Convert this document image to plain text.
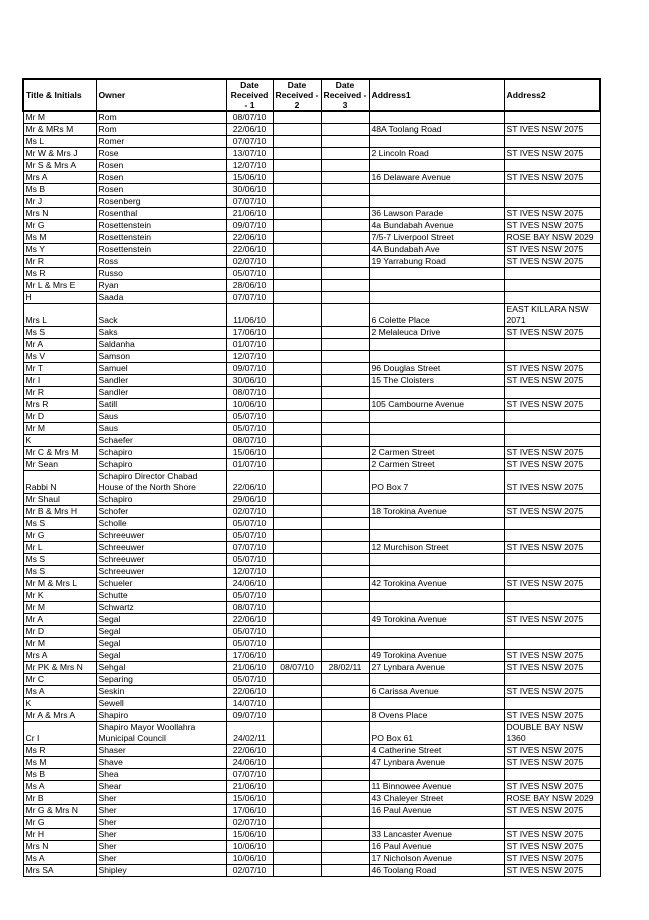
Title & Initials	Owner	Date Received - 1	Date Received - 2	Date Received - 3	Address1	Address2
Mr M	Rom	08/07/10				
Mr & MRs M	Rom	22/06/10			48A Toolang Road	ST IVES NSW 2075
Ms L	Romer	07/07/10				
Mr W & Mrs J	Rose	13/07/10			2 Lincoln Road	ST IVES NSW 2075
Mr S & Mrs A	Rosen	12/07/10				
Mrs A	Rosen	15/06/10			16 Delaware Avenue	ST IVES NSW 2075
Ms B	Rosen	30/06/10				
Mr J	Rosenberg	07/07/10				
Mrs N	Rosenthal	21/06/10			36 Lawson Parade	ST IVES NSW 2075
Mr G	Rosettenstein	09/07/10			4a Bundabah Avenue	ST IVES NSW 2075
Ms M	Rosettenstein	22/06/10			7/5-7 Liverpool Street	ROSE BAY NSW 2029
Ms Y	Rosettenstein	22/06/10			4A Bundabah Ave	ST IVES NSW 2075
Mr R	Ross	02/07/10			19 Yarrabung Road	ST IVES NSW 2075
Ms R	Russo	05/07/10				
Mr L & Mrs E	Ryan	28/06/10				
H	Saada	07/07/10				
Mrs L	Sack	11/06/10			6 Colette Place	EAST KILLARA NSW 2071
Ms S	Saks	17/06/10			2 Melaleuca Drive	ST IVES NSW 2075
Mr A	Saldanha	01/07/10				
Ms V	Samson	12/07/10				
Mr T	Samuel	09/07/10			96 Douglas Street	ST IVES NSW 2075
Mr I	Sandler	30/06/10			15 The Cloisters	ST IVES NSW 2075
Mr R	Sandler	08/07/10				
Mrs R	Satill	10/06/10			105 Cambourne Avenue	ST IVES NSW 2075
Mr D	Saus	05/07/10				
Mr M	Saus	05/07/10				
K	Schaefer	08/07/10				
Mr C & Mrs M	Schapiro	15/06/10			2 Carmen Street	ST IVES NSW 2075
Mr Sean	Schapiro	01/07/10			2 Carmen Street	ST IVES NSW 2075
Rabbi N	Schapiro Director Chabad House of the North Shore	22/06/10			PO Box 7	ST IVES NSW 2075
Mr Shaul	Schapiro	29/06/10				
Mr B & Mrs H	Schofer	02/07/10			18 Torokina Avenue	ST IVES NSW 2075
Ms S	Scholle	05/07/10				
Mr G	Schreeuwer	05/07/10				
Mr L	Schreeuwer	07/07/10			12 Murchison Street	ST IVES NSW 2075
Ms S	Schreeuwer	05/07/10				
Ms S	Schreeuwer	12/07/10				
Mr M & Mrs L	Schueler	24/06/10			42 Torokina Avenue	ST IVES NSW 2075
Mr K	Schutte	05/07/10				
Mr M	Schwartz	08/07/10				
Mr A	Segal	22/06/10			49 Torokina Avenue	ST IVES NSW 2075
Mr D	Segal	05/07/10				
Mr M	Segal	05/07/10				
Mrs A	Segal	17/06/10			49 Torokina Avenue	ST IVES NSW 2075
Mr PK & Mrs N	Sehgal	21/06/10	08/07/10	28/02/11	27 Lynbara Avenue	ST IVES NSW 2075
Mr C	Separing	05/07/10				
Ms A	Seskin	22/06/10			6 Carissa Avenue	ST IVES NSW 2075
K	Sewell	14/07/10				
Mr A & Mrs A	Shapiro	09/07/10			8 Ovens Place	ST IVES NSW 2075
Cr I	Shapiro Mayor Woollahra Municipal Council	24/02/11			PO Box 61	DOUBLE BAY NSW 1360
Ms R	Shaser	22/06/10			4 Catherine Street	ST IVES NSW 2075
Ms M	Shave	24/06/10			47 Lynbara Avenue	ST IVES NSW 2075
Ms B	Shea	07/07/10				
Ms A	Shear	21/06/10			11 Binnowee Avenue	ST IVES NSW 2075
Mr B	Sher	15/06/10			43 Chaleyer Street	ROSE BAY NSW 2029
Mr G & Mrs N	Sher	17/06/10			16 Paul Avenue	ST IVES NSW 2075
Mr G	Sher	02/07/10				
Mr H	Sher	15/06/10			33 Lancaster Avenue	ST IVES NSW 2075
Mrs N	Sher	10/06/10			16 Paul Avenue	ST IVES NSW 2075
Ms A	Sher	10/06/10			17 Nicholson Avenue	ST IVES NSW 2075
Mrs SA	Shipley	02/07/10			46 Toolang Road	ST IVES NSW 2075
